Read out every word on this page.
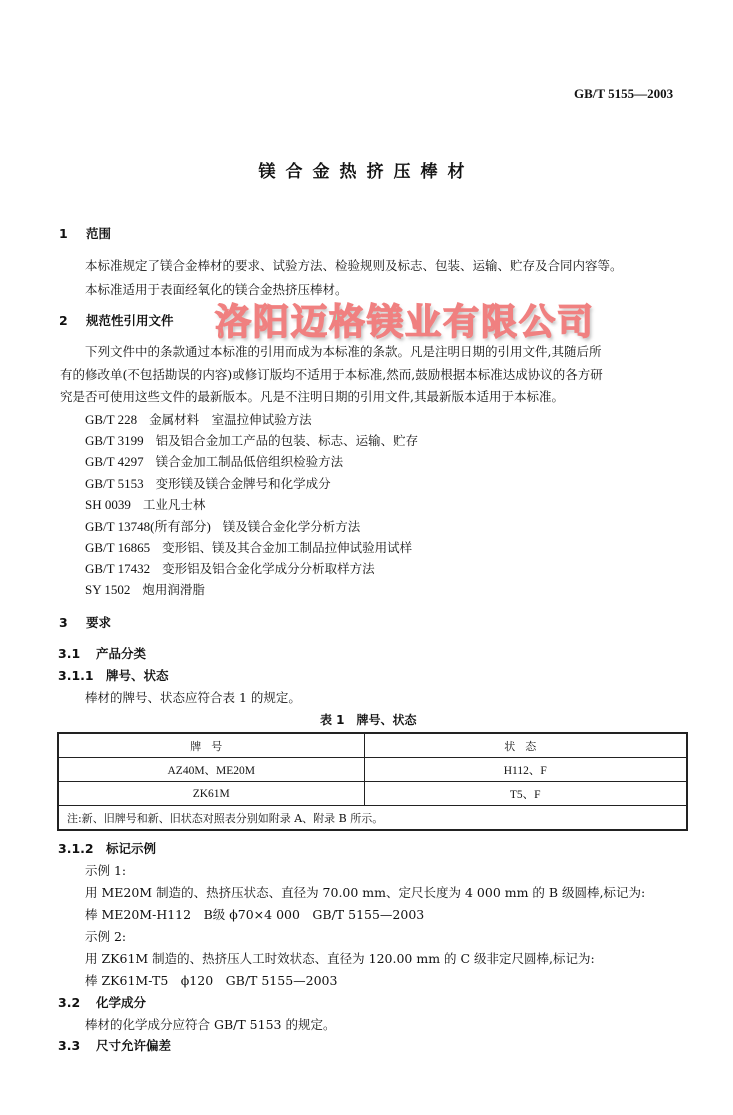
GB/T 5155—2003
镁合金热挤压棒材
1 范围
本标准规定了镁合金棒材的要求、试验方法、检验规则及标志、包装、运输、贮存及合同内容等。
本标准适用于表面经氧化的镁合金热挤压棒材。
2 规范性引用文件
下列文件中的条款通过本标准的引用而成为本标准的条款。凡是注明日期的引用文件,其随后所
有的修改单(不包括勘误的内容)或修订版均不适用于本标准,然而,鼓励根据本标准达成协议的各方研
究是否可使用这些文件的最新版本。凡是不注明日期的引用文件,其最新版本适用于本标准。
GB/T 228 金属材料　室温拉伸试验方法
GB/T 3199 铝及铝合金加工产品的包装、标志、运输、贮存
GB/T 4297 镁合金加工制品低倍组织检验方法
GB/T 5153 变形镁及镁合金牌号和化学成分
SH 0039 工业凡士林
GB/T 13748(所有部分) 镁及镁合金化学分析方法
GB/T 16865 变形铝、镁及其合金加工制品拉伸试验用试样
GB/T 17432 变形铝及铝合金化学成分分析取样方法
SY 1502 炮用润滑脂
3 要求
3.1 产品分类
3.1.1 牌号、状态
棒材的牌号、状态应符合表 1 的规定。
表 1　牌号、状态
牌号	状态
AZ40M、ME20M	H112、F
ZK61M	T5、F
注:新、旧牌号和新、旧状态对照表分别如附录 A、附录 B 所示。	
3.1.2 标记示例
示例 1:
用 ME20M 制造的、热挤压状态、直径为 70.00 mm、定尺长度为 4 000 mm 的 B 级圆棒,标记为:
棒 ME20M-H112　B级 ϕ70×4 000　GB/T 5155—2003
示例 2:
用 ZK61M 制造的、热挤压人工时效状态、直径为 120.00 mm 的 C 级非定尺圆棒,标记为:
棒 ZK61M-T5　ϕ120　GB/T 5155—2003
3.2 化学成分
棒材的化学成分应符合 GB/T 5153 的规定。
3.3 尺寸允许偏差
洛阳迈格镁业有限公司
